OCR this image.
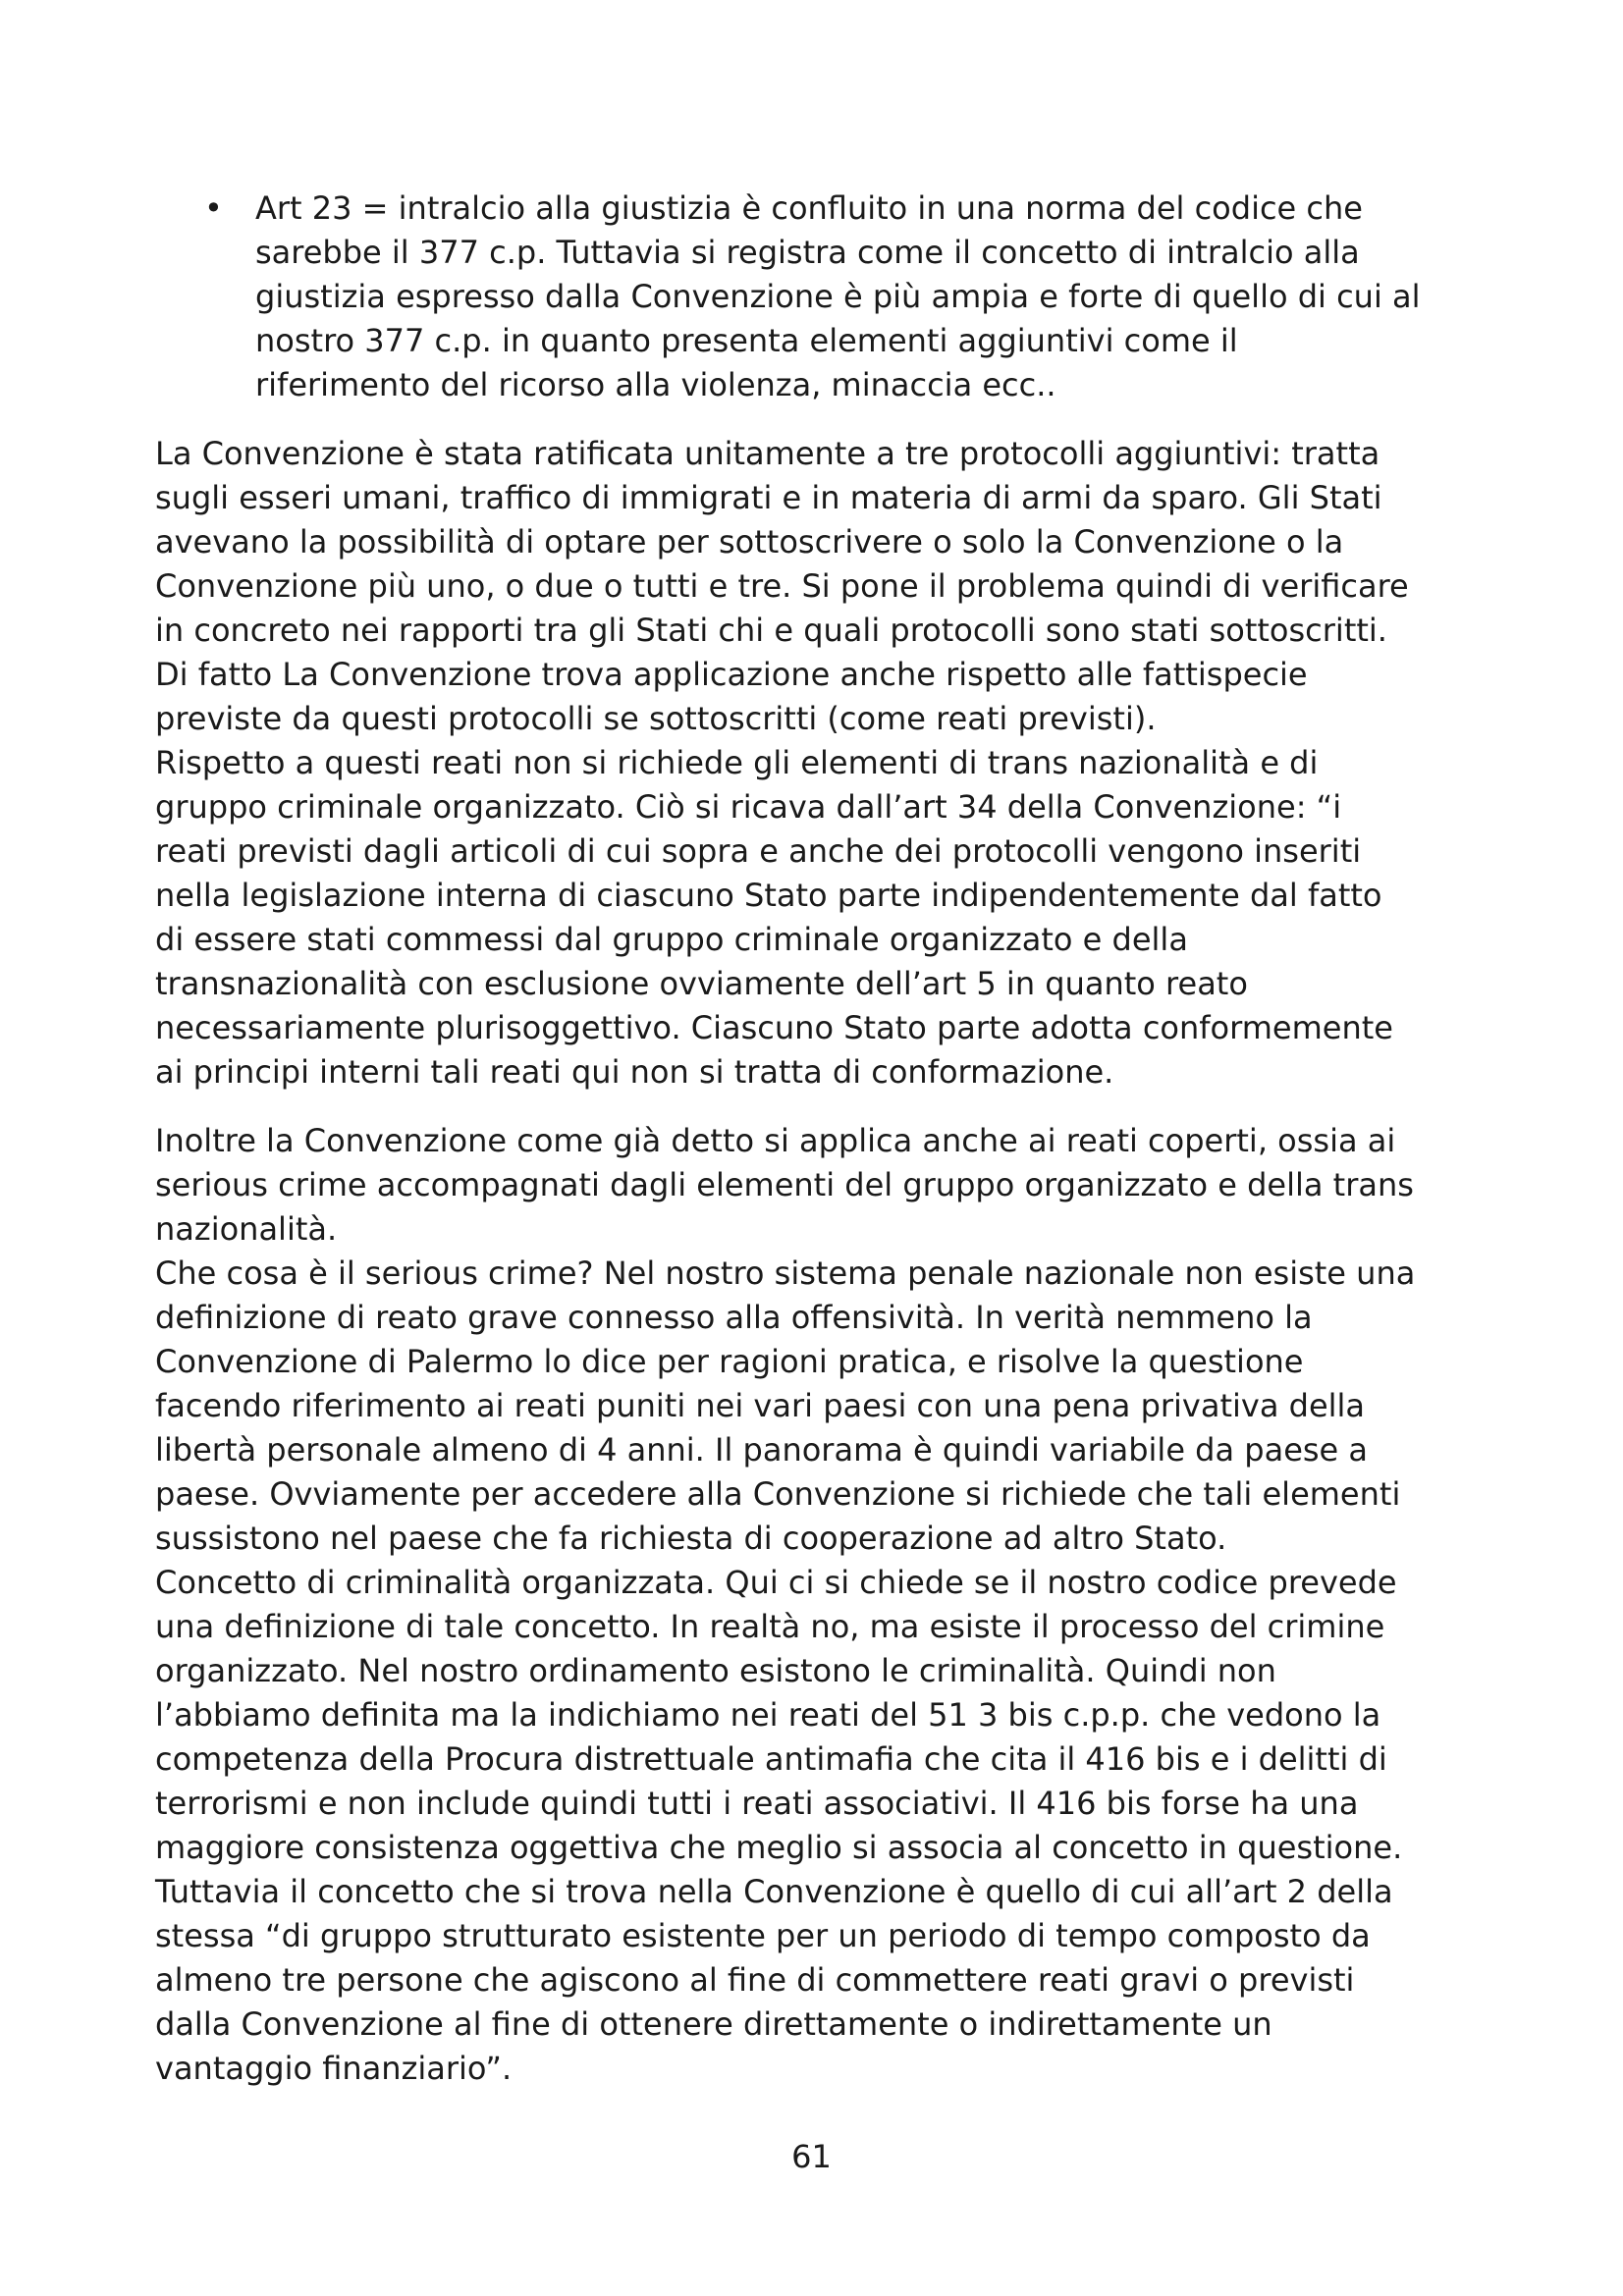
• Art 23 = intralcio alla giustizia è confluito in una norma del codice che
sarebbe il 377 c.p. Tuttavia si registra come il concetto di intralcio alla
giustizia espresso dalla Convenzione è più ampia e forte di quello di cui al
nostro 377 c.p. in quanto presenta elementi aggiuntivi come il
riferimento del ricorso alla violenza, minaccia ecc..
La Convenzione è stata ratificata unitamente a tre protocolli aggiuntivi: tratta
sugli esseri umani, traffico di immigrati e in materia di armi da sparo. Gli Stati
avevano la possibilità di optare per sottoscrivere o solo la Convenzione o la
Convenzione più uno, o due o tutti e tre. Si pone il problema quindi di verificare
in concreto nei rapporti tra gli Stati chi e quali protocolli sono stati sottoscritti.
Di fatto La Convenzione trova applicazione anche rispetto alle fattispecie
previste da questi protocolli se sottoscritti (come reati previsti).
Rispetto a questi reati non si richiede gli elementi di trans nazionalità e di
gruppo criminale organizzato. Ciò si ricava dall’art 34 della Convenzione: “i
reati previsti dagli articoli di cui sopra e anche dei protocolli vengono inseriti
nella legislazione interna di ciascuno Stato parte indipendentemente dal fatto
di essere stati commessi dal gruppo criminale organizzato e della
transnazionalità con esclusione ovviamente dell’art 5 in quanto reato
necessariamente plurisoggettivo. Ciascuno Stato parte adotta conformemente
ai principi interni tali reati qui non si tratta di conformazione.
Inoltre la Convenzione come già detto si applica anche ai reati coperti, ossia ai
serious crime accompagnati dagli elementi del gruppo organizzato e della trans
nazionalità.
Che cosa è il serious crime? Nel nostro sistema penale nazionale non esiste una
definizione di reato grave connesso alla offensività. In verità nemmeno la
Convenzione di Palermo lo dice per ragioni pratica, e risolve la questione
facendo riferimento ai reati puniti nei vari paesi con una pena privativa della
libertà personale almeno di 4 anni. Il panorama è quindi variabile da paese a
paese. Ovviamente per accedere alla Convenzione si richiede che tali elementi
sussistono nel paese che fa richiesta di cooperazione ad altro Stato.
Concetto di criminalità organizzata. Qui ci si chiede se il nostro codice prevede
una definizione di tale concetto. In realtà no, ma esiste il processo del crimine
organizzato. Nel nostro ordinamento esistono le criminalità. Quindi non
l’abbiamo definita ma la indichiamo nei reati del 51 3 bis c.p.p. che vedono la
competenza della Procura distrettuale antimafia che cita il 416 bis e i delitti di
terrorismi e non include quindi tutti i reati associativi. Il 416 bis forse ha una
maggiore consistenza oggettiva che meglio si associa al concetto in questione.
Tuttavia il concetto che si trova nella Convenzione è quello di cui all’art 2 della
stessa “di gruppo strutturato esistente per un periodo di tempo composto da
almeno tre persone che agiscono al fine di commettere reati gravi o previsti
dalla Convenzione al fine di ottenere direttamente o indirettamente un
vantaggio finanziario”.
61
